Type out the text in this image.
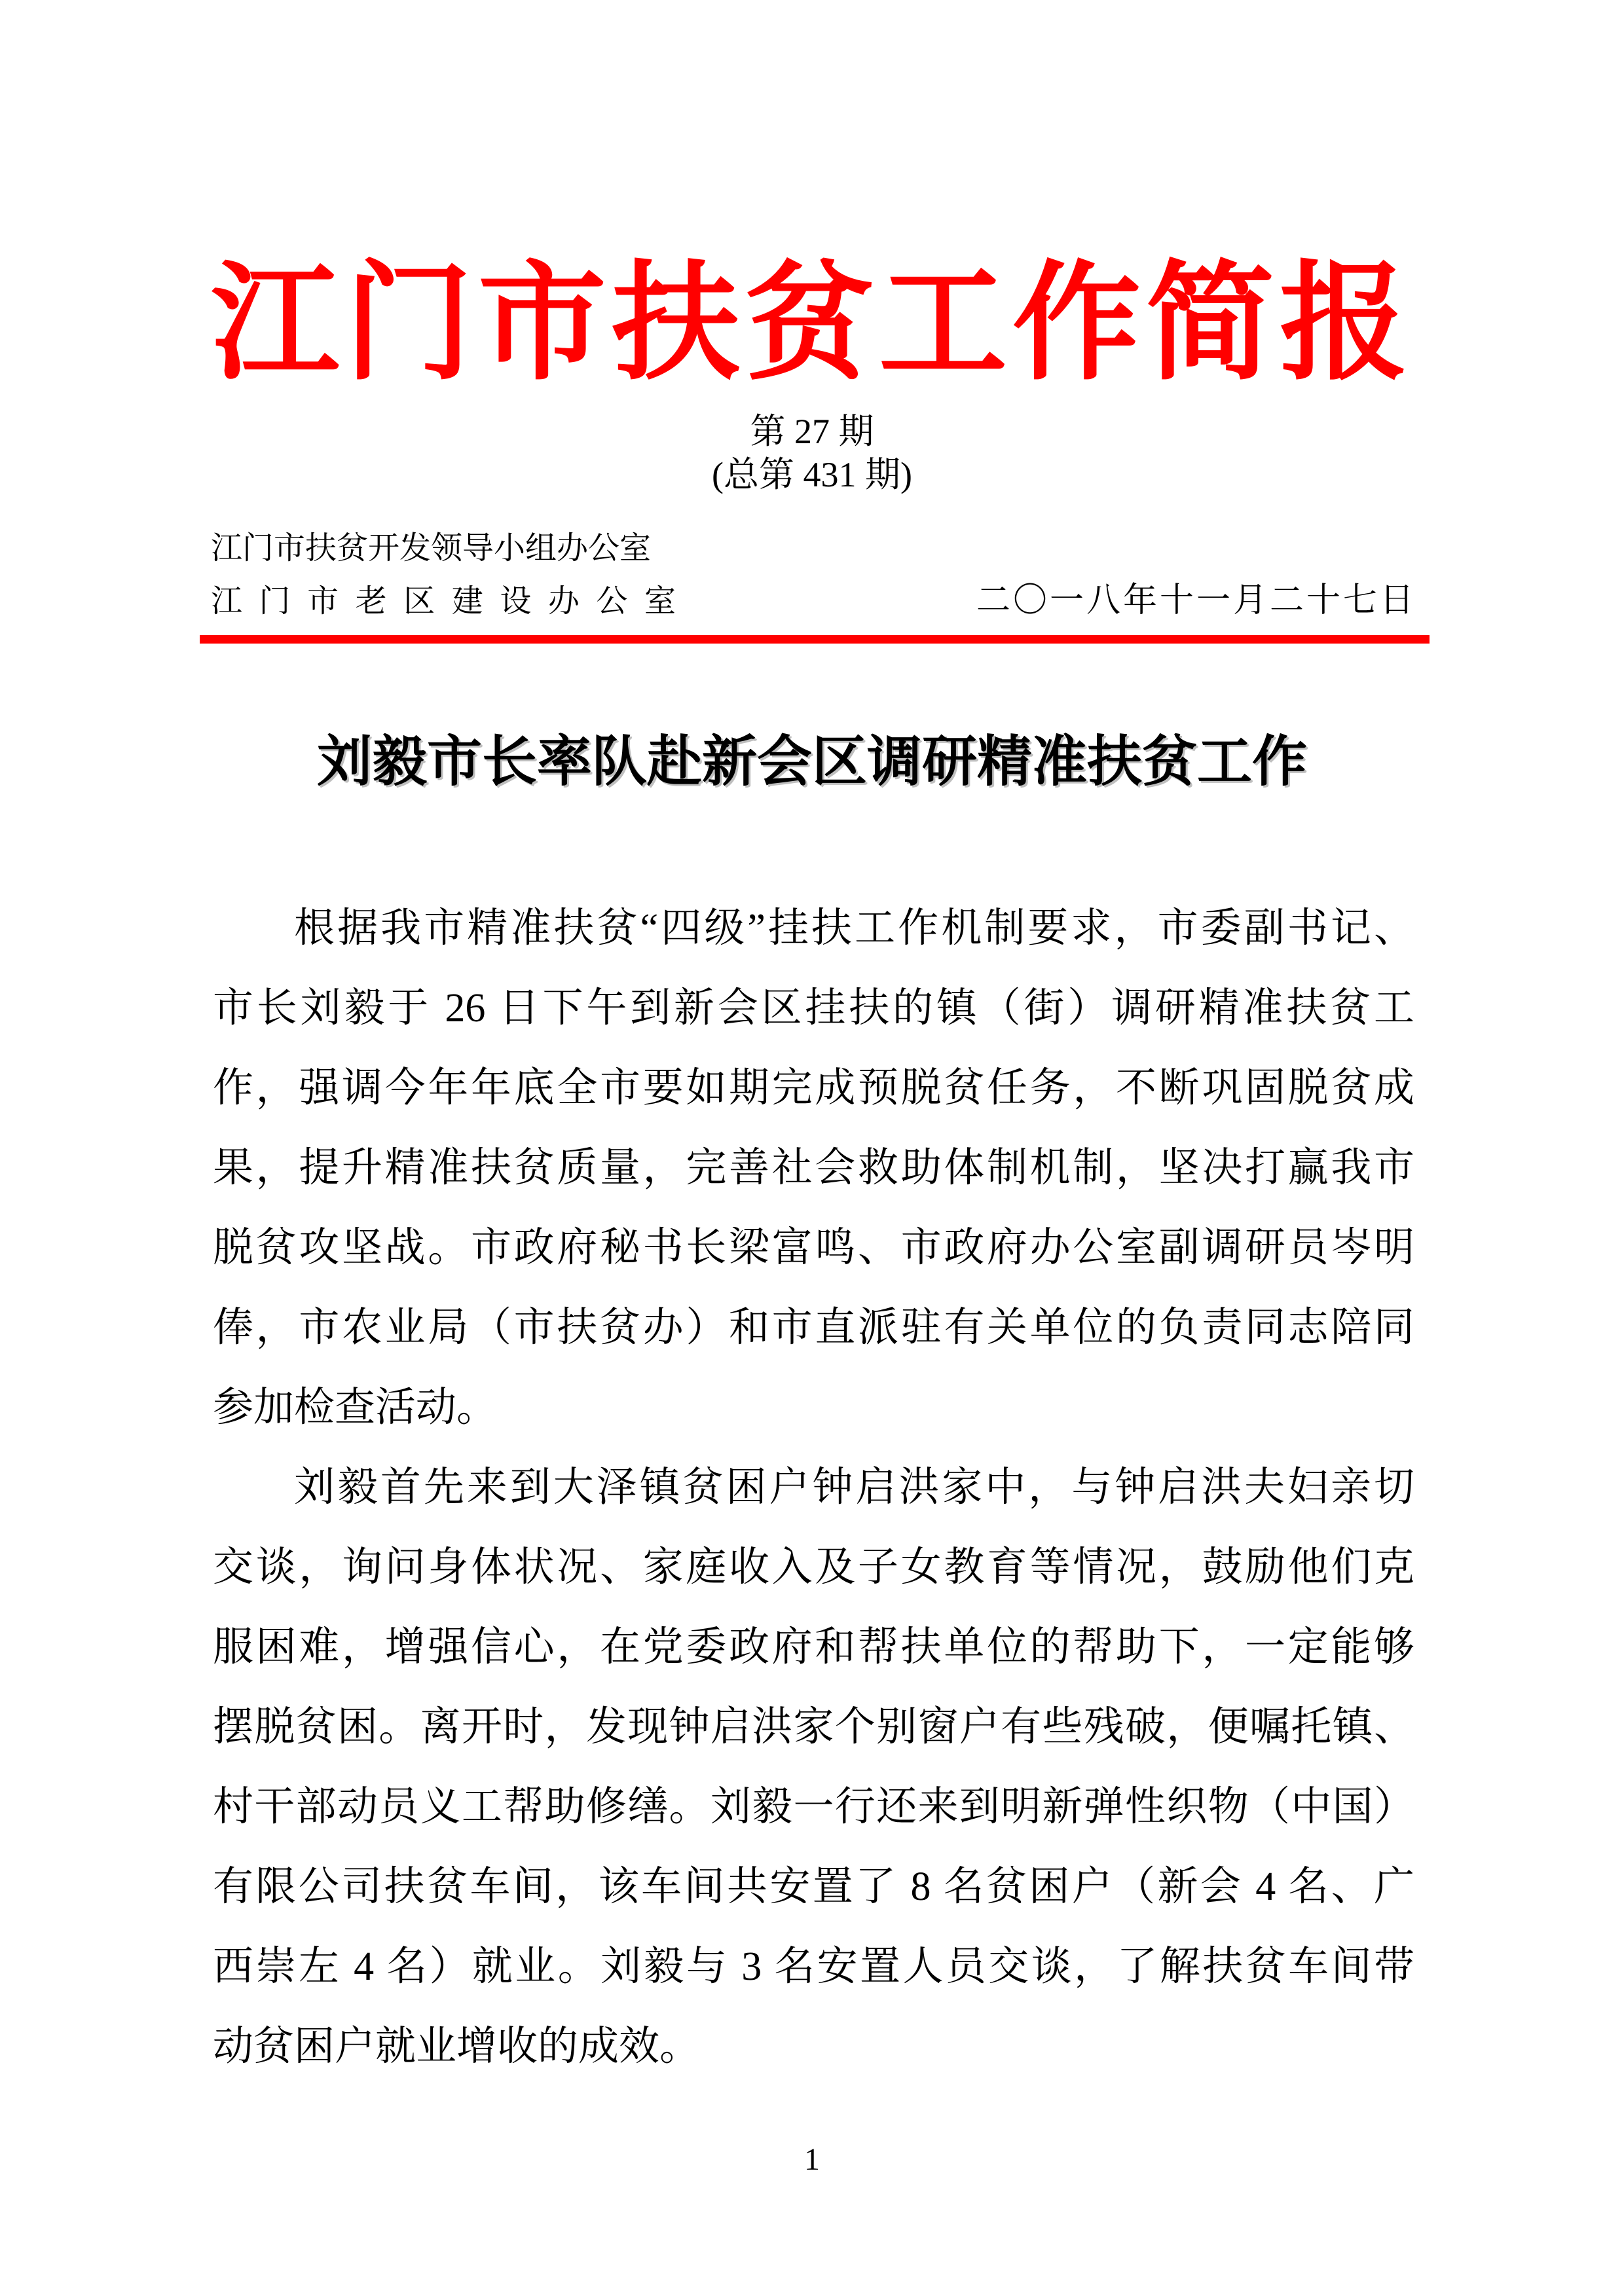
江门市扶贫工作简报
第 27 期
(总第 431 期)
江门市扶贫开发领导小组办公室
江门市老区建设办公室	二〇一八年十一月二十七日
刘毅市长率队赴新会区调研精准扶贫工作

根据我市精准扶贫“四级”挂扶工作机制要求，市委副书记、

市长刘毅于 26 日下午到新会区挂扶的镇（街）调研精准扶贫工

作，强调今年年底全市要如期完成预脱贫任务，不断巩固脱贫成

果，提升精准扶贫质量，完善社会救助体制机制，坚决打赢我市

脱贫攻坚战。市政府秘书长梁富鸣、市政府办公室副调研员岑明

俸，市农业局（市扶贫办）和市直派驻有关单位的负责同志陪同

参加检查活动。

刘毅首先来到大泽镇贫困户钟启洪家中，与钟启洪夫妇亲切

交谈，询问身体状况、家庭收入及子女教育等情况，鼓励他们克

服困难，增强信心，在党委政府和帮扶单位的帮助下，一定能够

摆脱贫困。离开时，发现钟启洪家个别窗户有些残破，便嘱托镇、

村干部动员义工帮助修缮。刘毅一行还来到明新弹性织物（中国）

有限公司扶贫车间，该车间共安置了 8 名贫困户（新会 4 名、广

西崇左 4 名）就业。刘毅与 3 名安置人员交谈，了解扶贫车间带

动贫困户就业增收的成效。

1
